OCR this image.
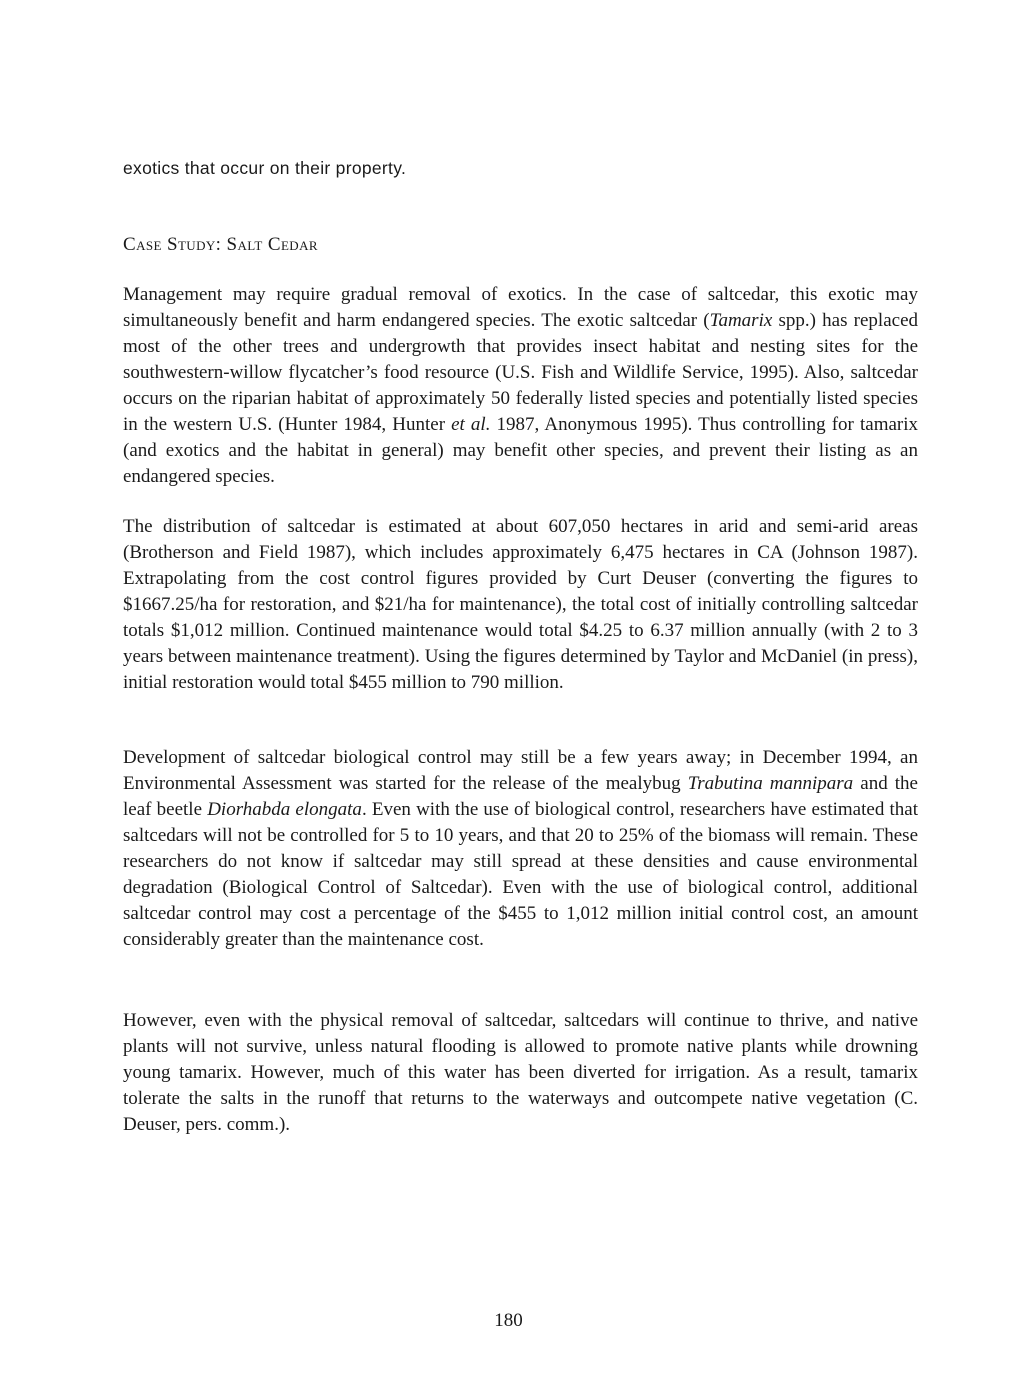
exotics that occur on their property.

Case Study: Salt Cedar

Management may require gradual removal of exotics. In the case of saltcedar, this exotic may simultaneously benefit and harm endangered species. The exotic saltcedar (Tamarix spp.) has replaced most of the other trees and undergrowth that provides insect habitat and nesting sites for the southwestern-willow flycatcher’s food resource (U.S. Fish and Wildlife Service, 1995). Also, saltcedar occurs on the riparian habitat of approximately 50 federally listed species and potentially listed species in the western U.S. (Hunter 1984, Hunter et al. 1987, Anonymous 1995). Thus controlling for tamarix (and exotics and the habitat in general) may benefit other species, and prevent their listing as an endangered species.

The distribution of saltcedar is estimated at about 607,050 hectares in arid and semi-arid areas (Brotherson and Field 1987), which includes approximately 6,475 hectares in CA (Johnson 1987). Extrapolating from the cost control figures provided by Curt Deuser (converting the figures to $1667.25/ha for restoration, and $21/ha for maintenance), the total cost of initially controlling saltcedar totals $1,012 million. Continued maintenance would total $4.25 to 6.37 million annually (with 2 to 3 years between maintenance treatment). Using the figures determined by Taylor and McDaniel (in press), initial restoration would total $455 million to 790 million.

Development of saltcedar biological control may still be a few years away; in December 1994, an Environmental Assessment was started for the release of the mealybug Trabutina mannipara and the leaf beetle Diorhabda elongata. Even with the use of biological control, researchers have estimated that saltcedars will not be controlled for 5 to 10 years, and that 20 to 25% of the biomass will remain. These researchers do not know if saltcedar may still spread at these densities and cause environmental degradation (Biological Control of Saltcedar). Even with the use of biological control, additional saltcedar control may cost a percentage of the $455 to 1,012 million initial control cost, an amount considerably greater than the maintenance cost.

However, even with the physical removal of saltcedar, saltcedars will continue to thrive, and native plants will not survive, unless natural flooding is allowed to promote native plants while drowning young tamarix. However, much of this water has been diverted for irrigation. As a result, tamarix tolerate the salts in the runoff that returns to the waterways and outcompete native vegetation (C. Deuser, pers. comm.).

180
